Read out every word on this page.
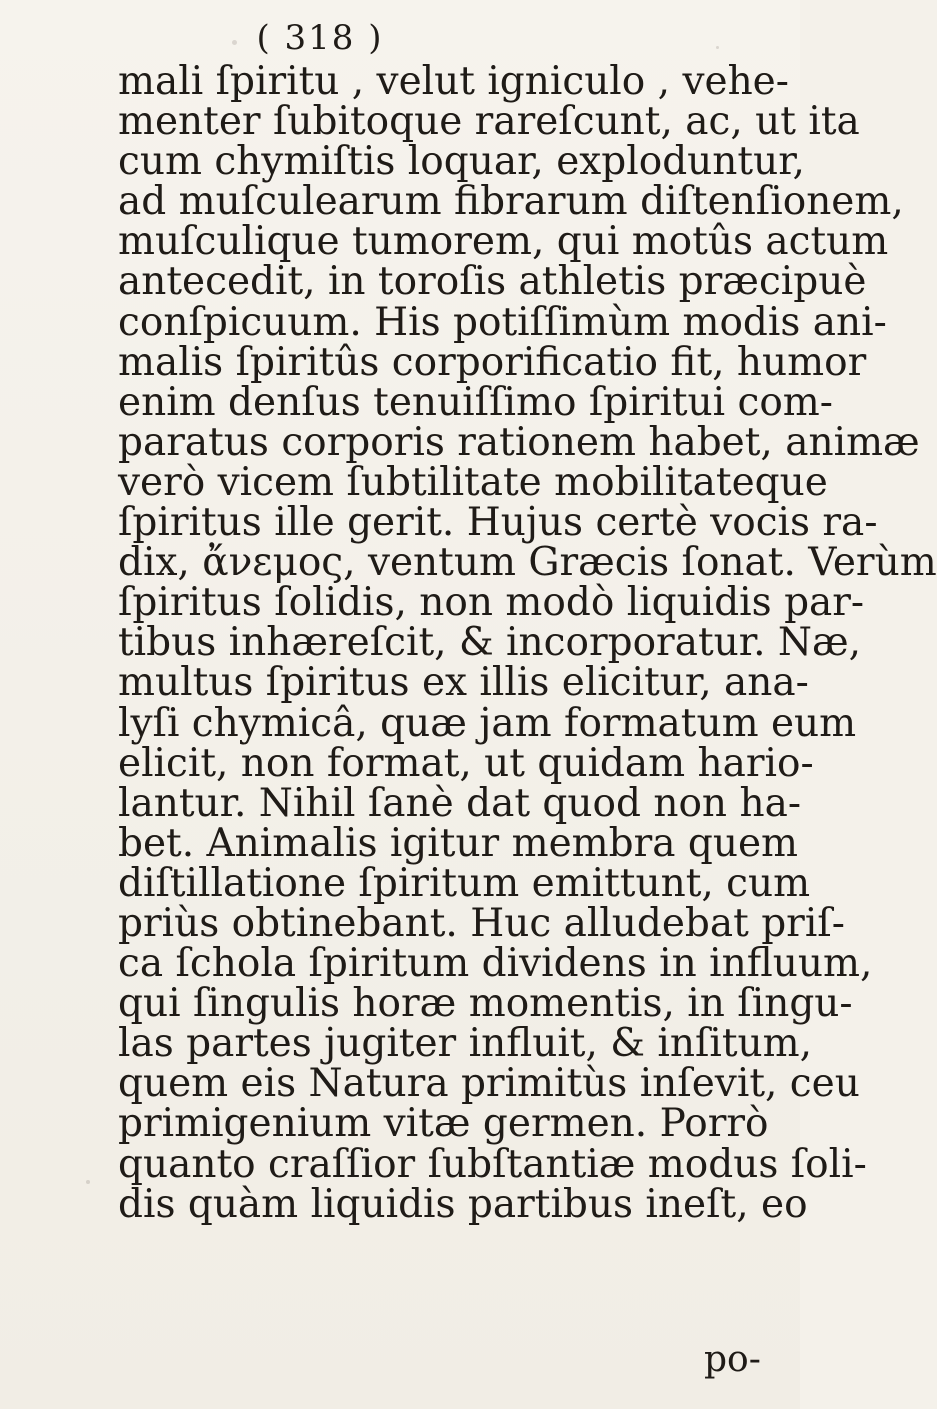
( 318 )
mali ſpiritu , velut igniculo , vehe-
menter ſubitoque rareſcunt, ac, ut ita
cum chymiſtis loquar, exploduntur,
ad muſculearum fibrarum diſtenſionem,
muſculique tumorem, qui motûs actum
antecedit, in toroſis athletis præcipuè
conſpicuum. His potiſſimùm modis ani-
malis ſpiritûs corporificatio fit, humor
enim denſus tenuiſſimo ſpiritui com-
paratus corporis rationem habet, animæ
verò vicem ſubtilitate mobilitateque
ſpiritus ille gerit. Hujus certè vocis ra-
dix, ἄνεμος, ventum Græcis ſonat. Verùm
ſpiritus ſolidis, non modò liquidis par-
tibus inhæreſcit, & incorporatur. Næ,
multus ſpiritus ex illis elicitur, ana-
lyſi chymicâ, quæ jam formatum eum
elicit, non format, ut quidam hario-
lantur. Nihil ſanè dat quod non ha-
bet. Animalis igitur membra quem
diſtillatione ſpiritum emittunt, cum
priùs obtinebant. Huc alludebat priſ-
ca ſchola ſpiritum dividens in influum,
qui ſingulis horæ momentis, in ſingu-
las partes jugiter influit, & inſitum,
quem eis Natura primitùs inſevit, ceu
primigenium vitæ germen. Porrò
quanto craſſior ſubſtantiæ modus ſoli-
dis quàm liquidis partibus ineſt, eo
po-
